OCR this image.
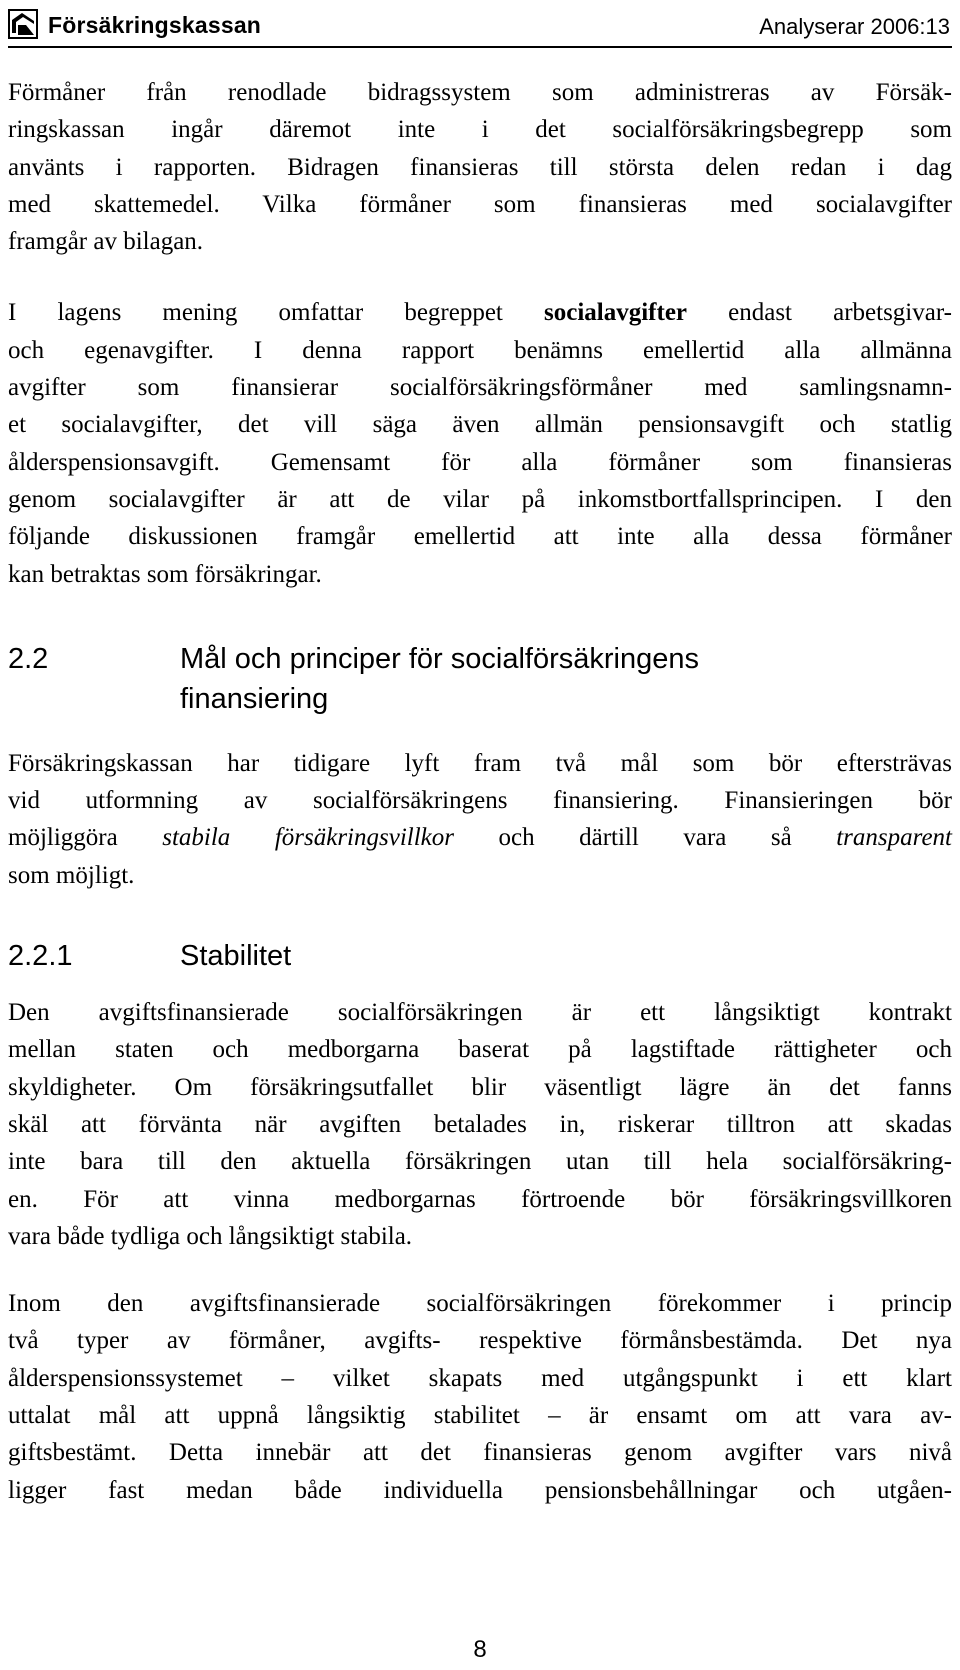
Försäkringskassan	Analyserar 2006:13

Förmåner från renodlade bidragssystem som administreras av Försäk-
ringskassan ingår däremot inte i det socialförsäkringsbegrepp som
använts i rapporten. Bidragen finansieras till största delen redan i dag
med skattemedel. Vilka förmåner som finansieras med socialavgifter
framgår av bilagan.

I lagens mening omfattar begreppet socialavgifter endast arbetsgivar-
och egenavgifter. I denna rapport benämns emellertid alla allmänna
avgifter som finansierar socialförsäkringsförmåner med samlingsnamn-
et socialavgifter, det vill säga även allmän pensionsavgift och statlig
ålderspensionsavgift. Gemensamt för alla förmåner som finansieras
genom socialavgifter är att de vilar på inkomstbortfallsprincipen. I den
följande diskussionen framgår emellertid att inte alla dessa förmåner
kan betraktas som försäkringar.

2.2	Mål och principer för socialförsäkringens
finansiering

Försäkringskassan har tidigare lyft fram två mål som bör eftersträvas
vid utformning av socialförsäkringens finansiering. Finansieringen bör
möjliggöra stabila försäkringsvillkor och därtill vara så transparent
som möjligt.

2.2.1	Stabilitet

Den avgiftsfinansierade socialförsäkringen är ett långsiktigt kontrakt
mellan staten och medborgarna baserat på lagstiftade rättigheter och
skyldigheter. Om försäkringsutfallet blir väsentligt lägre än det fanns
skäl att förvänta när avgiften betalades in, riskerar tilltron att skadas
inte bara till den aktuella försäkringen utan till hela socialförsäkring-
en. För att vinna medborgarnas förtroende bör försäkringsvillkoren
vara både tydliga och långsiktigt stabila.

Inom den avgiftsfinansierade socialförsäkringen förekommer i princip
två typer av förmåner, avgifts- respektive förmånsbestämda. Det nya
ålderspensionssystemet – vilket skapats med utgångspunkt i ett klart
uttalat mål att uppnå långsiktig stabilitet – är ensamt om att vara av-
giftsbestämt. Detta innebär att det finansieras genom avgifter vars nivå
ligger fast medan både individuella pensionsbehållningar och utgåen-

8
